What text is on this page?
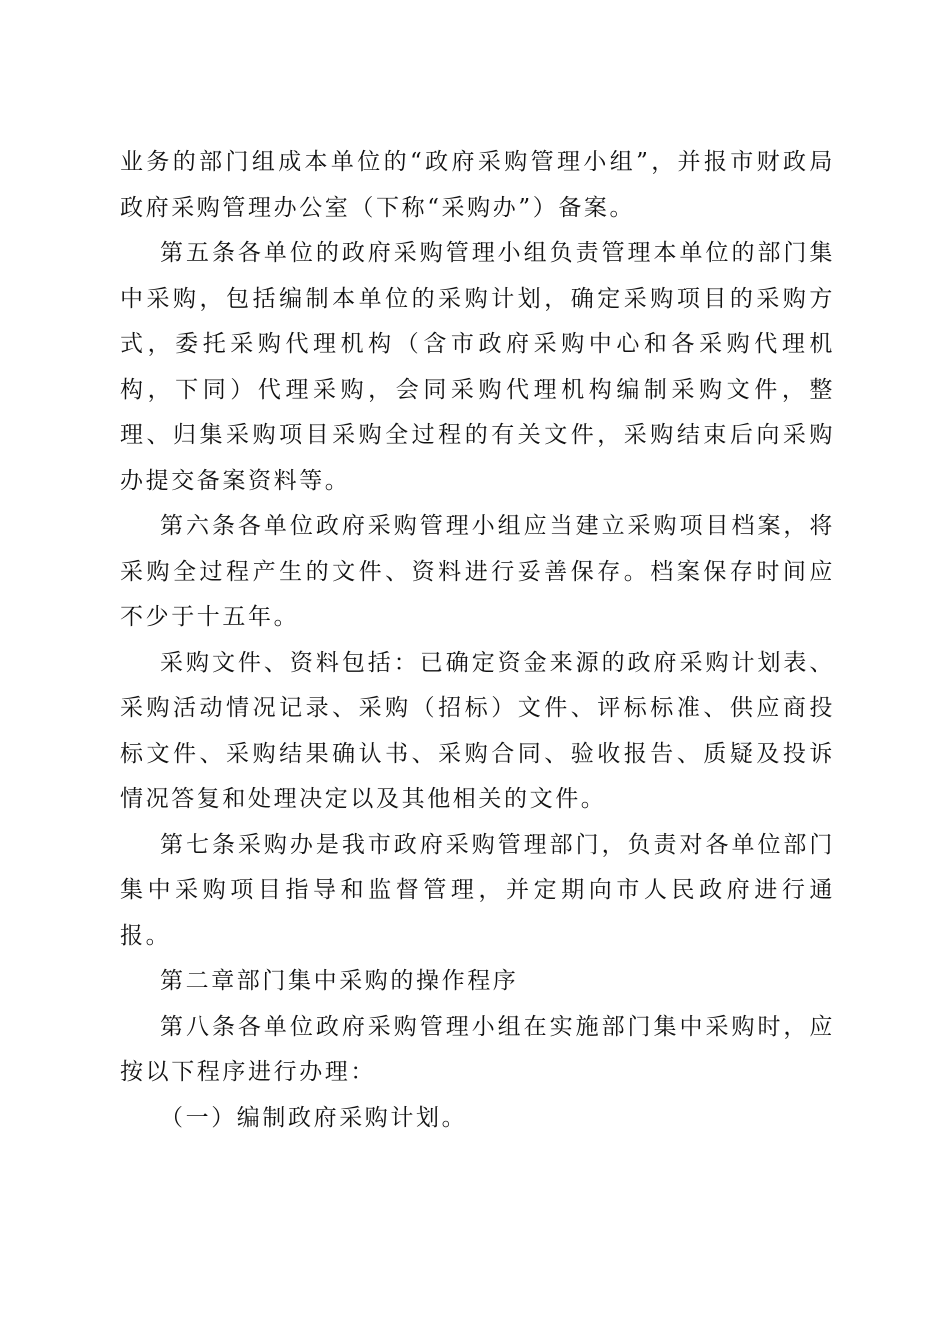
业务的部门组成本单位的“政府采购管理小组”，并报市财政局政府采购管理办公室（下称“采购办”）备案。

第五条各单位的政府采购管理小组负责管理本单位的部门集中采购，包括编制本单位的采购计划，确定采购项目的采购方式，委托采购代理机构（含市政府采购中心和各采购代理机构，下同）代理采购，会同采购代理机构编制采购文件，整理、归集采购项目采购全过程的有关文件，采购结束后向采购办提交备案资料等。

第六条各单位政府采购管理小组应当建立采购项目档案，将采购全过程产生的文件、资料进行妥善保存。档案保存时间应不少于十五年。

采购文件、资料包括：已确定资金来源的政府采购计划表、采购活动情况记录、采购（招标）文件、评标标准、供应商投标文件、采购结果确认书、采购合同、验收报告、质疑及投诉情况答复和处理决定以及其他相关的文件。

第七条采购办是我市政府采购管理部门，负责对各单位部门集中采购项目指导和监督管理，并定期向市人民政府进行通报。

第二章部门集中采购的操作程序

第八条各单位政府采购管理小组在实施部门集中采购时，应按以下程序进行办理：

（一）编制政府采购计划。
